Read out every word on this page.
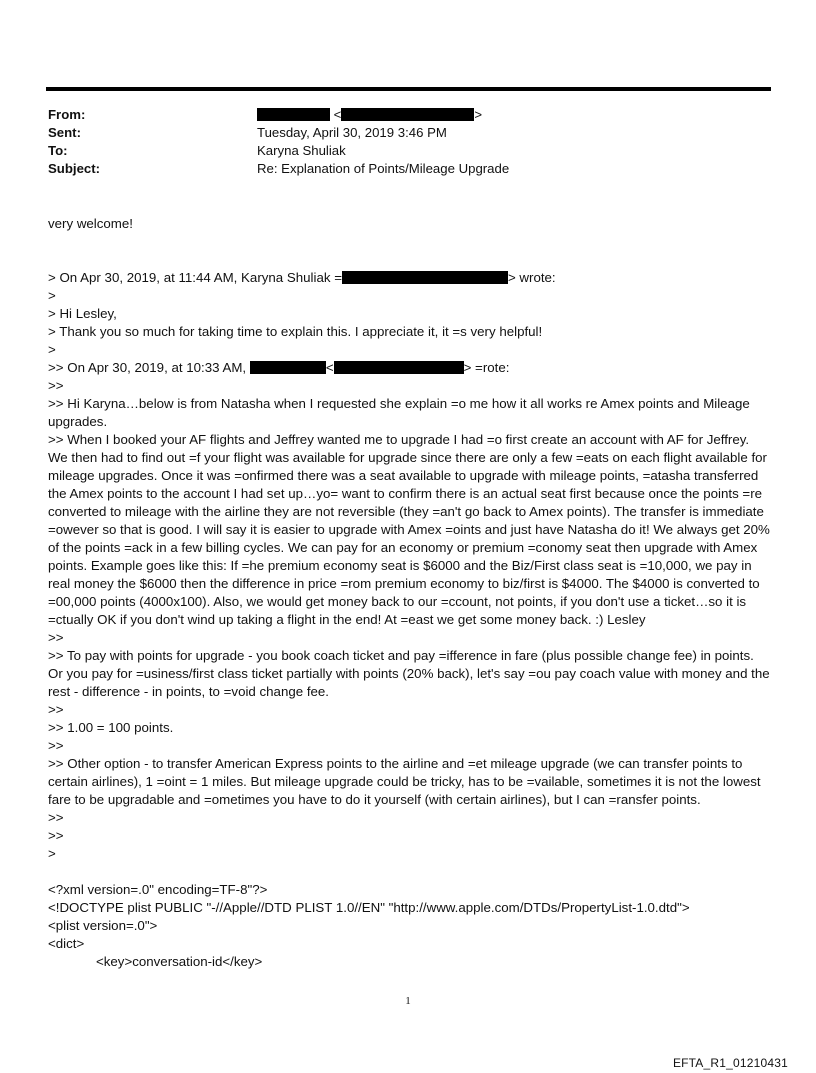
From:	<	>
Sent:	Tuesday, April 30, 2019 3:46 PM
To:	Karyna Shuliak
Subject:	Re: Explanation of Points/Mileage Upgrade
very welcome!
> On Apr 30, 2019, at 11:44 AM, Karyna Shuliak =	> wrote:
>
> Hi Lesley,
> Thank you so much for taking time to explain this. I appreciate it, it =s very helpful!
>
>> On Apr 30, 2019, at 10:33 AM,	<	> =rote:
>>
>> Hi Karyna…below is from Natasha when I requested she explain =o me how it all works re Amex points and Mileage upgrades.
>> When I booked your AF flights and Jeffrey wanted me to upgrade I had =o first create an account with AF for Jeffrey. We then had to find out =f your flight was available for upgrade since there are only a few =eats on each flight available for mileage upgrades. Once it was =onfirmed there was a seat available to upgrade with mileage points, =atasha transferred the Amex points to the account I had set up…yo= want to confirm there is an actual seat first because once the points =re converted to mileage with the airline they are not reversible (they =an't go back to Amex points). The transfer is immediate =owever so that is good. I will say it is easier to upgrade with Amex =oints and just have Natasha do it! We always get 20% of the points =ack in a few billing cycles. We can pay for an economy or premium =conomy seat then upgrade with Amex points. Example goes like this: If =he premium economy seat is $6000 and the Biz/First class seat is =10,000, we pay in real money the $6000 then the difference in price =rom premium economy to biz/first is $4000. The $4000 is converted to =00,000 points (4000x100). Also, we would get money back to our =ccount, not points, if you don't use a ticket…so it is =ctually OK if you don't wind up taking a flight in the end! At =east we get some money back. :) Lesley
>>
>> To pay with points for upgrade - you book coach ticket and pay =ifference in fare (plus possible change fee) in points. Or you pay for =usiness/first class ticket partially with points (20% back), let's say =ou pay coach value with money and the rest - difference - in points, to =void change fee.
>>
>> 1.00 = 100 points.
>>
>> Other option - to transfer American Express points to the airline and =et mileage upgrade (we can transfer points to certain airlines), 1 =oint = 1 miles. But mileage upgrade could be tricky, has to be =vailable, sometimes it is not the lowest fare to be upgradable and =ometimes you have to do it yourself (with certain airlines), but I can =ransfer points.
>>
>>
>
<?xml version=.0" encoding=TF-8"?>
<!DOCTYPE plist PUBLIC "-//Apple//DTD PLIST 1.0//EN" "http://www.apple.com/DTDs/PropertyList-1.0.dtd">
<plist version=.0">
<dict>
<key>conversation-id</key>
1
EFTA_R1_01210431
